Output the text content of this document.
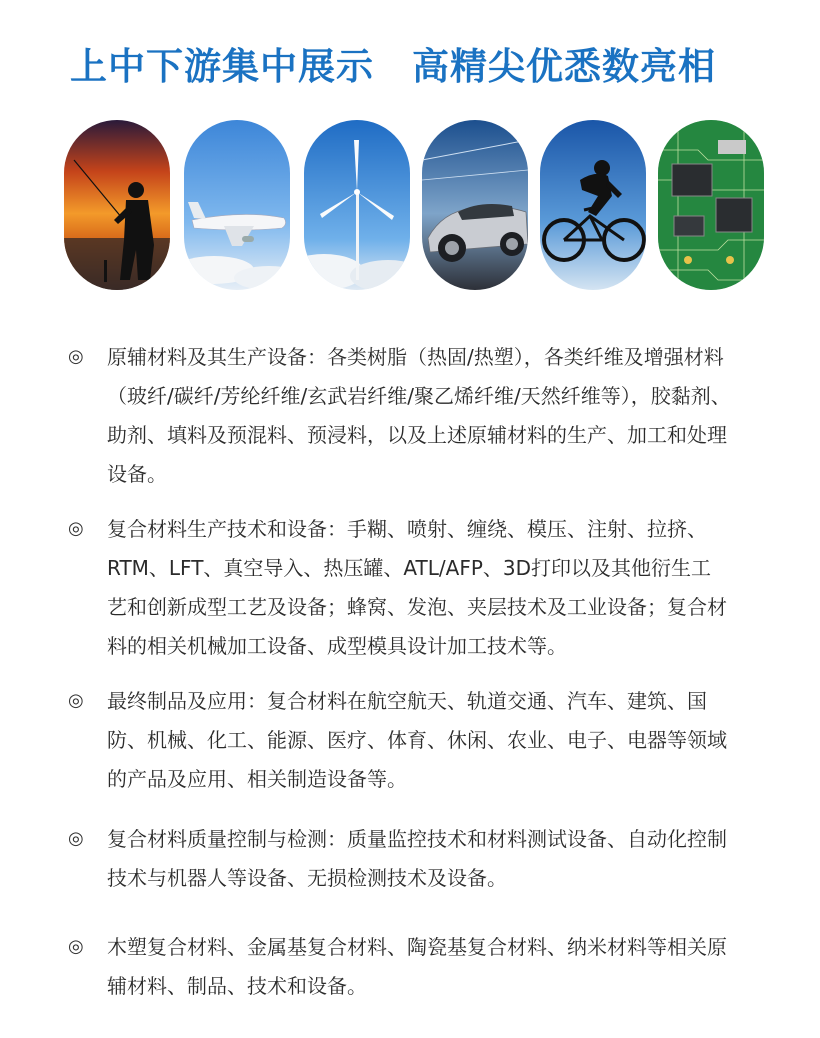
上中下游集中展示　高精尖优悉数亮相
◎ 原辅材料及其生产设备：各类树脂（热固/热塑），各类纤维及增强材料
（玻纤/碳纤/芳纶纤维/玄武岩纤维/聚乙烯纤维/天然纤维等），胶黏剂、
助剂、填料及预混料、预浸料，以及上述原辅材料的生产、加工和处理
设备。
◎ 复合材料生产技术和设备：手糊、喷射、缠绕、模压、注射、拉挤、
RTM、LFT、真空导入、热压罐、ATL/AFP、3D打印以及其他衍生工
艺和创新成型工艺及设备；蜂窝、发泡、夹层技术及工业设备；复合材
料的相关机械加工设备、成型模具设计加工技术等。
◎ 最终制品及应用：复合材料在航空航天、轨道交通、汽车、建筑、国
防、机械、化工、能源、医疗、体育、休闲、农业、电子、电器等领域
的产品及应用、相关制造设备等。
◎ 复合材料质量控制与检测：质量监控技术和材料测试设备、自动化控制
技术与机器人等设备、无损检测技术及设备。
◎ 木塑复合材料、金属基复合材料、陶瓷基复合材料、纳米材料等相关原
辅材料、制品、技术和设备。
